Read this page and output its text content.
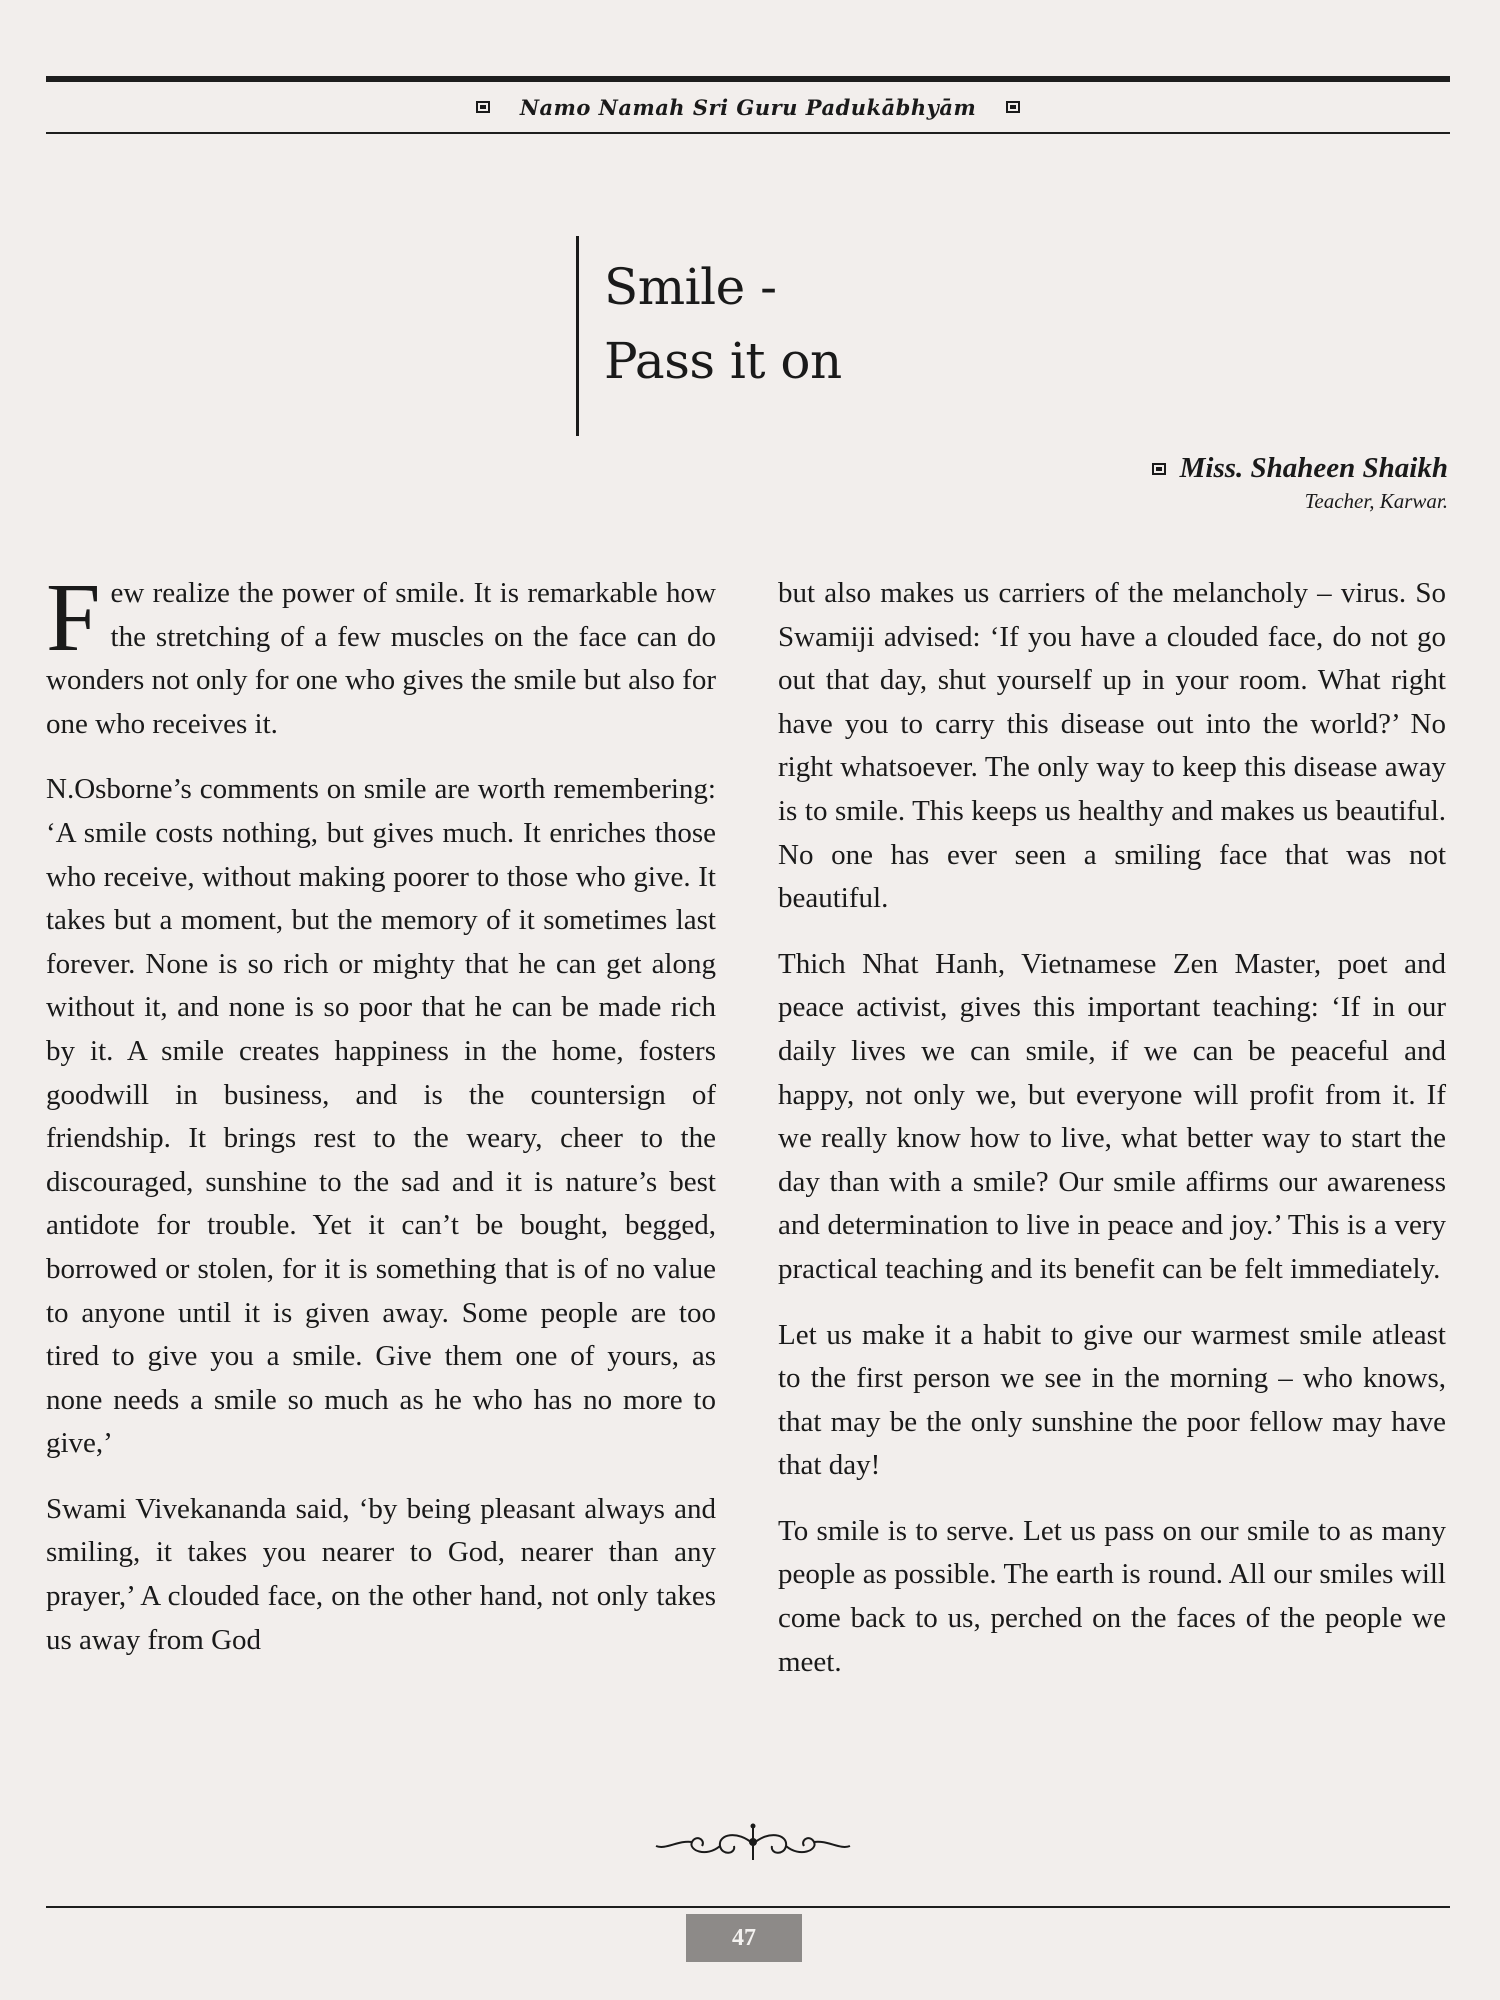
Namo Namah Sri Guru Padukābhyām
Smile -
Pass it on
Miss. Shaheen Shaikh
Teacher, Karwar.

Few realize the power of smile. It is remarkable how the stretching of a few muscles on the face can do wonders not only for one who gives the smile but also for one who receives it.

N.Osborne’s comments on smile are worth remembering: ‘A smile costs nothing, but gives much. It enriches those who receive, without making poorer to those who give. It takes but a moment, but the memory of it sometimes last forever. None is so rich or mighty that he can get along without it, and none is so poor that he can be made rich by it. A smile creates happiness in the home, fosters goodwill in business, and is the countersign of friendship. It brings rest to the weary, cheer to the discouraged, sunshine to the sad and it is nature’s best antidote for trouble. Yet it can’t be bought, begged, borrowed or stolen, for it is something that is of no value to anyone until it is given away. Some people are too tired to give you a smile. Give them one of yours, as none needs a smile so much as he who has no more to give,’

Swami Vivekananda said, ‘by being pleasant always and smiling, it takes you nearer to God, nearer than any prayer,’ A clouded face, on the other hand, not only takes us away from God

but also makes us carriers of the melancholy – virus. So Swamiji advised: ‘If you have a clouded face, do not go out that day, shut yourself up in your room. What right have you to carry this disease out into the world?’ No right whatsoever. The only way to keep this disease away is to smile. This keeps us healthy and makes us beautiful. No one has ever seen a smiling face that was not beautiful.

Thich Nhat Hanh, Vietnamese Zen Master, poet and peace activist, gives this important teaching: ‘If in our daily lives we can smile, if we can be peaceful and happy, not only we, but everyone will profit from it. If we really know how to live, what better way to start the day than with a smile? Our smile affirms our awareness and determination to live in peace and joy.’ This is a very practical teaching and its benefit can be felt immediately.

Let us make it a habit to give our warmest smile atleast to the first person we see in the morning – who knows, that may be the only sunshine the poor fellow may have that day!

To smile is to serve. Let us pass on our smile to as many people as possible. The earth is round. All our smiles will come back to us, perched on the faces of the people we meet.

47
